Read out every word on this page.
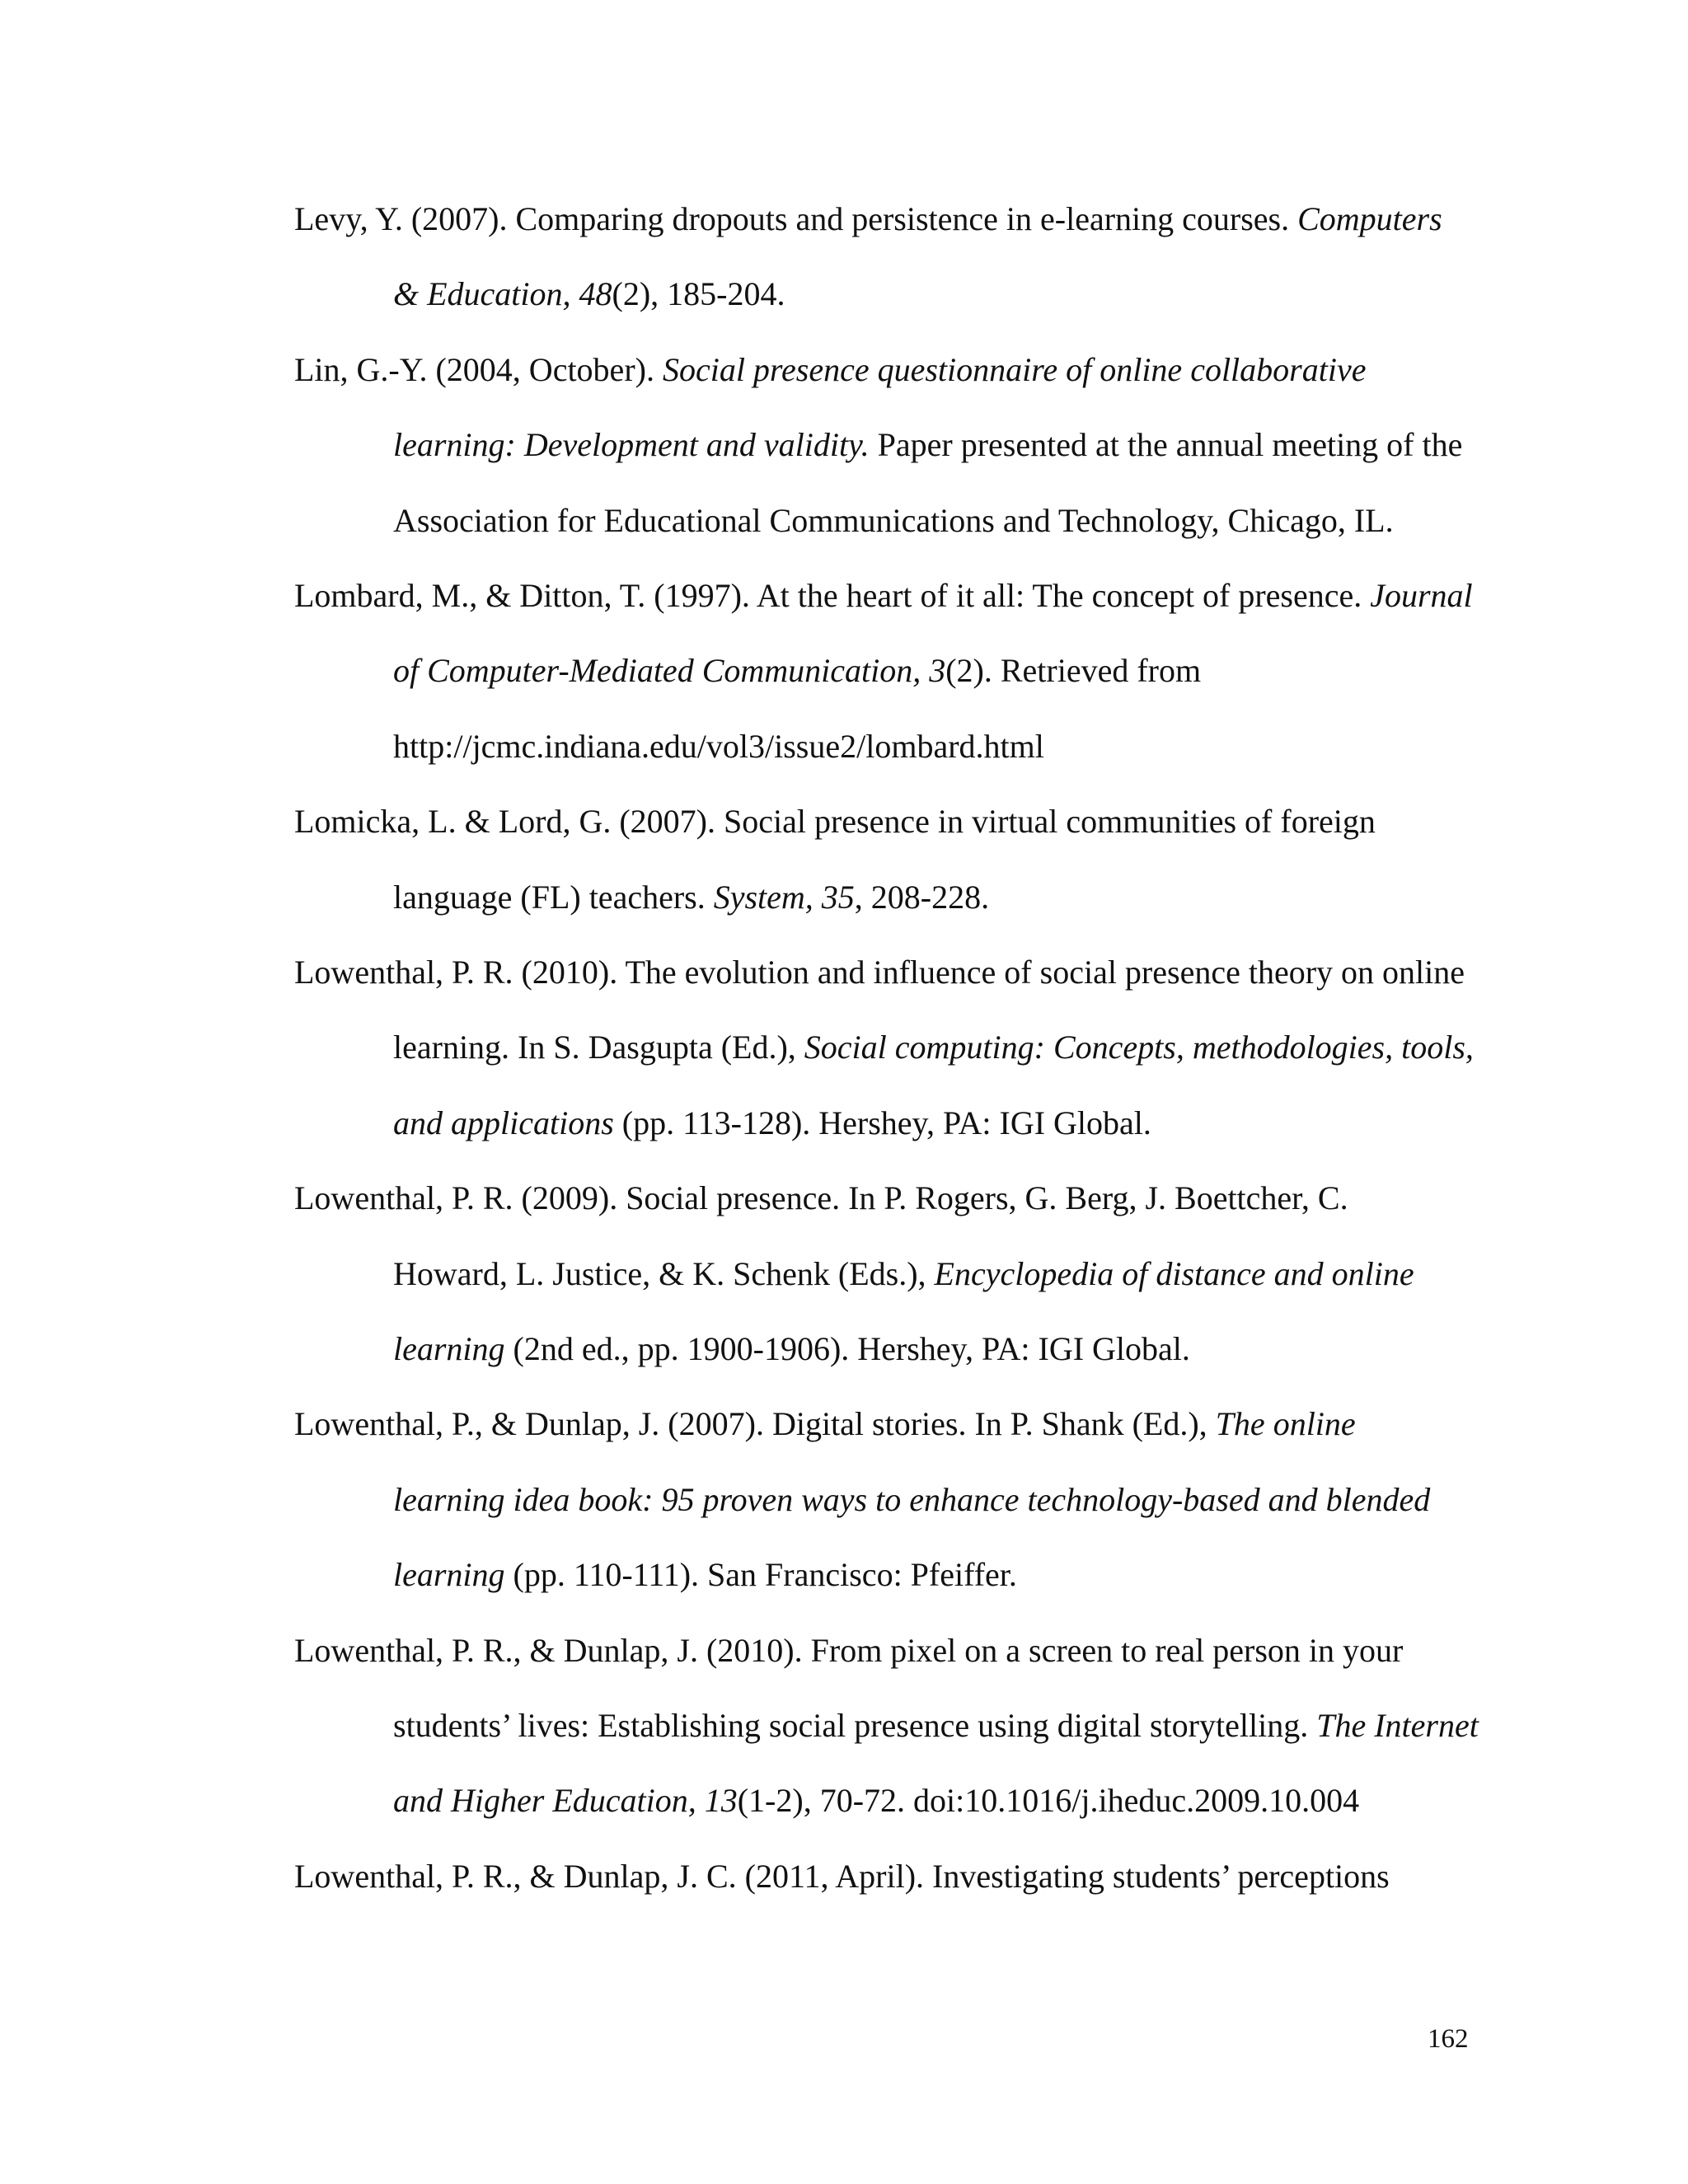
Levy, Y. (2007). Comparing dropouts and persistence in e-learning courses. Computers
& Education, 48(2), 185-204.
Lin, G.-Y. (2004, October). Social presence questionnaire of online collaborative
learning: Development and validity. Paper presented at the annual meeting of the
Association for Educational Communications and Technology, Chicago, IL.
Lombard, M., & Ditton, T. (1997). At the heart of it all: The concept of presence. Journal
of Computer-Mediated Communication, 3(2). Retrieved from
http://jcmc.indiana.edu/vol3/issue2/lombard.html
Lomicka, L. & Lord, G. (2007). Social presence in virtual communities of foreign
language (FL) teachers. System, 35, 208-228.
Lowenthal, P. R. (2010). The evolution and influence of social presence theory on online
learning. In S. Dasgupta (Ed.), Social computing: Concepts, methodologies, tools,
and applications (pp. 113-128). Hershey, PA: IGI Global.
Lowenthal, P. R. (2009). Social presence. In P. Rogers, G. Berg, J. Boettcher, C.
Howard, L. Justice, & K. Schenk (Eds.), Encyclopedia of distance and online
learning (2nd ed., pp. 1900-1906). Hershey, PA: IGI Global.
Lowenthal, P., & Dunlap, J. (2007). Digital stories. In P. Shank (Ed.), The online
learning idea book: 95 proven ways to enhance technology-based and blended
learning (pp. 110-111). San Francisco: Pfeiffer.
Lowenthal, P. R., & Dunlap, J. (2010). From pixel on a screen to real person in your
students’ lives: Establishing social presence using digital storytelling. The Internet
and Higher Education, 13(1-2), 70-72. doi:10.1016/j.iheduc.2009.10.004
Lowenthal, P. R., & Dunlap, J. C. (2011, April). Investigating students’ perceptions
162
